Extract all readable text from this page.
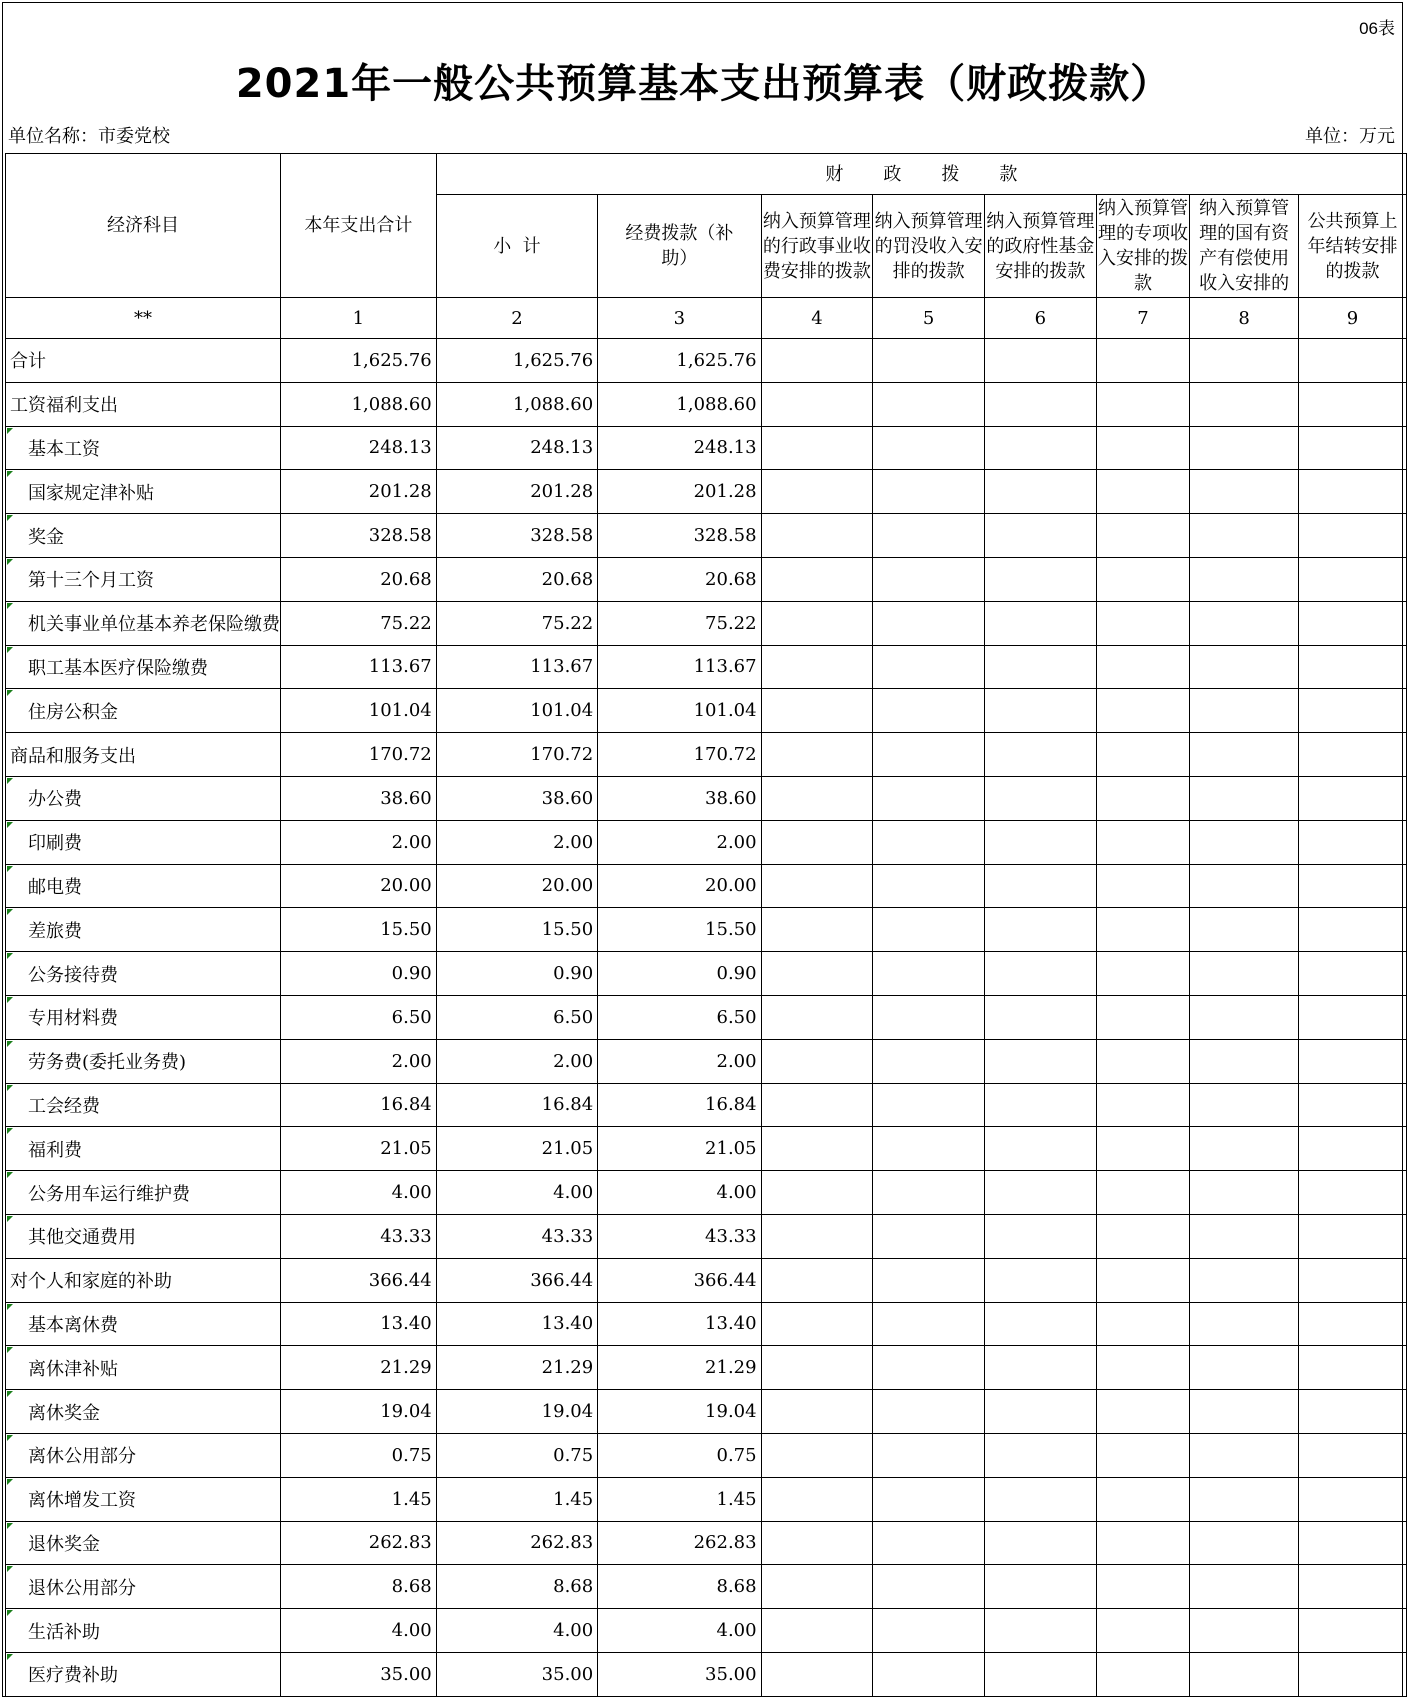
06表
2021年一般公共预算基本支出预算表（财政拨款）
单位名称：市委党校	单位：万元
经济科目	本年支出合计	财政拨款							
		小  计	经费拨款（补助）	纳入预算管理的行政事业收费安排的拨款	纳入预算管理的罚没收入安排的拨款	纳入预算管理的政府性基金安排的拨款	纳入预算管理的专项收入安排的拨款	纳入预算管理的国有资产有偿使用收入安排的	公共预算上年结转安排的拨款
**	1	2	3	4	5	6	7	8	9
合计	1,625.76	1,625.76	1,625.76						
工资福利支出	1,088.60	1,088.60	1,088.60						
基本工资	248.13	248.13	248.13						
国家规定津补贴	201.28	201.28	201.28						
奖金	328.58	328.58	328.58						
第十三个月工资	20.68	20.68	20.68						
机关事业单位基本养老保险缴费	75.22	75.22	75.22						
职工基本医疗保险缴费	113.67	113.67	113.67						
住房公积金	101.04	101.04	101.04						
商品和服务支出	170.72	170.72	170.72						
办公费	38.60	38.60	38.60						
印刷费	2.00	2.00	2.00						
邮电费	20.00	20.00	20.00						
差旅费	15.50	15.50	15.50						
公务接待费	0.90	0.90	0.90						
专用材料费	6.50	6.50	6.50						
劳务费(委托业务费)	2.00	2.00	2.00						
工会经费	16.84	16.84	16.84						
福利费	21.05	21.05	21.05						
公务用车运行维护费	4.00	4.00	4.00						
其他交通费用	43.33	43.33	43.33						
对个人和家庭的补助	366.44	366.44	366.44						
基本离休费	13.40	13.40	13.40						
离休津补贴	21.29	21.29	21.29						
离休奖金	19.04	19.04	19.04						
离休公用部分	0.75	0.75	0.75						
离休增发工资	1.45	1.45	1.45						
退休奖金	262.83	262.83	262.83						
退休公用部分	8.68	8.68	8.68						
生活补助	4.00	4.00	4.00						
医疗费补助	35.00	35.00	35.00						
